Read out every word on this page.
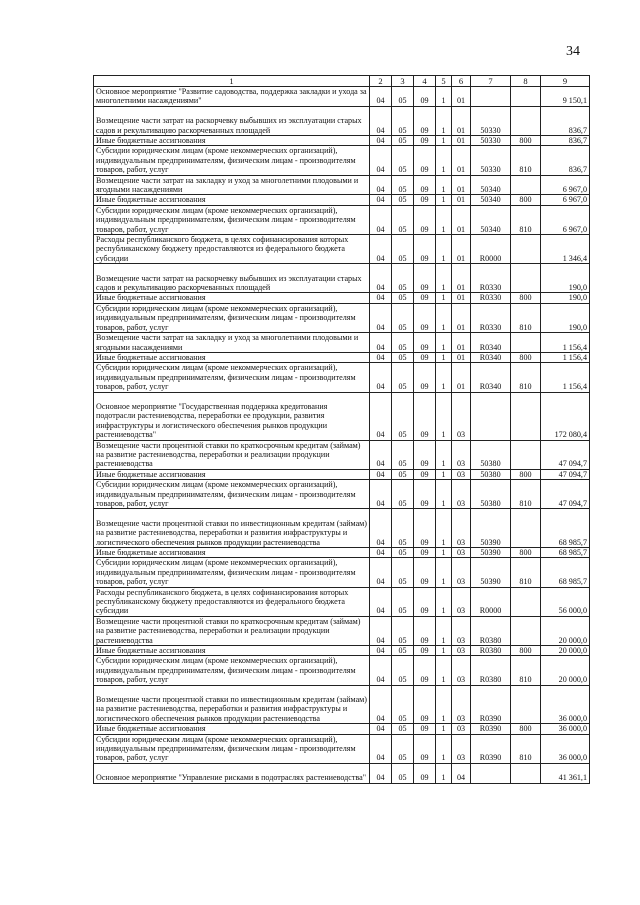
34
1	2	3	4	5	6	7	8	9
Основное мероприятие "Развитие садоводства, поддержка закладки и ухода за многолетними насаждениями"	04	05	09	1	01			9 150,1
Возмещение части затрат на раскорчевку выбывших из эксплуатации старых садов и рекультивацию раскорчеванных площадей	04	05	09	1	01	50330		836,7
Иные бюджетные ассигнования	04	05	09	1	01	50330	800	836,7
Субсидии юридическим лицам (кроме некоммерческих организаций), индивидуальным предпринимателям, физическим лицам - производителям товаров, работ, услуг	04	05	09	1	01	50330	810	836,7
Возмещение части затрат на закладку и уход за многолетними плодовыми и ягодными насаждениями	04	05	09	1	01	50340		6 967,0
Иные бюджетные ассигнования	04	05	09	1	01	50340	800	6 967,0
Субсидии юридическим лицам (кроме некоммерческих организаций), индивидуальным предпринимателям, физическим лицам - производителям товаров, работ, услуг	04	05	09	1	01	50340	810	6 967,0
Расходы республиканского бюджета, в целях софинансирования которых республиканскому бюджету предоставляются из федерального бюджета субсидии	04	05	09	1	01	R0000		1 346,4
Возмещение части затрат на раскорчевку выбывших из эксплуатации старых садов и рекультивацию раскорчеванных площадей	04	05	09	1	01	R0330		190,0
Иные бюджетные ассигнования	04	05	09	1	01	R0330	800	190,0
Субсидии юридическим лицам (кроме некоммерческих организаций), индивидуальным предпринимателям, физическим лицам - производителям товаров, работ, услуг	04	05	09	1	01	R0330	810	190,0
Возмещение части затрат на закладку и уход за многолетними плодовыми и ягодными насаждениями	04	05	09	1	01	R0340		1 156,4
Иные бюджетные ассигнования	04	05	09	1	01	R0340	800	1 156,4
Субсидии юридическим лицам (кроме некоммерческих организаций), индивидуальным предпринимателям, физическим лицам - производителям товаров, работ, услуг	04	05	09	1	01	R0340	810	1 156,4
Основное мероприятие "Государственная поддержка кредитования подотрасли растениеводства, переработки ее продукции, развития инфраструктуры и логистического обеспечения рынков продукции растениеводства"	04	05	09	1	03			172 080,4
Возмещение части процентной ставки по краткосрочным кредитам (займам) на развитие растениеводства, переработки и реализации продукции растениеводства	04	05	09	1	03	50380		47 094,7
Иные бюджетные ассигнования	04	05	09	1	03	50380	800	47 094,7
Субсидии юридическим лицам (кроме некоммерческих организаций), индивидуальным предпринимателям, физическим лицам - производителям товаров, работ, услуг	04	05	09	1	03	50380	810	47 094,7
Возмещение части процентной ставки по инвестиционным кредитам (займам) на развитие растениеводства, переработки и развития инфраструктуры и логистического обеспечения рынков продукции растениеводства	04	05	09	1	03	50390		68 985,7
Иные бюджетные ассигнования	04	05	09	1	03	50390	800	68 985,7
Субсидии юридическим лицам (кроме некоммерческих организаций), индивидуальным предпринимателям, физическим лицам - производителям товаров, работ, услуг	04	05	09	1	03	50390	810	68 985,7
Расходы республиканского бюджета, в целях софинансирования которых республиканскому бюджету предоставляются из федерального бюджета субсидии	04	05	09	1	03	R0000		56 000,0
Возмещение части процентной ставки по краткосрочным кредитам (займам) на развитие растениеводства, переработки и реализации продукции растениеводства	04	05	09	1	03	R0380		20 000,0
Иные бюджетные ассигнования	04	05	09	1	03	R0380	800	20 000,0
Субсидии юридическим лицам (кроме некоммерческих организаций), индивидуальным предпринимателям, физическим лицам - производителям товаров, работ, услуг	04	05	09	1	03	R0380	810	20 000,0
Возмещение части процентной ставки по инвестиционным кредитам (займам) на развитие растениеводства, переработки и развития инфраструктуры и логистического обеспечения рынков продукции растениеводства	04	05	09	1	03	R0390		36 000,0
Иные бюджетные ассигнования	04	05	09	1	03	R0390	800	36 000,0
Субсидии юридическим лицам (кроме некоммерческих организаций), индивидуальным предпринимателям, физическим лицам - производителям товаров, работ, услуг	04	05	09	1	03	R0390	810	36 000,0
Основное мероприятие "Управление рисками в подотраслях растениеводства"	04	05	09	1	04			41 361,1
